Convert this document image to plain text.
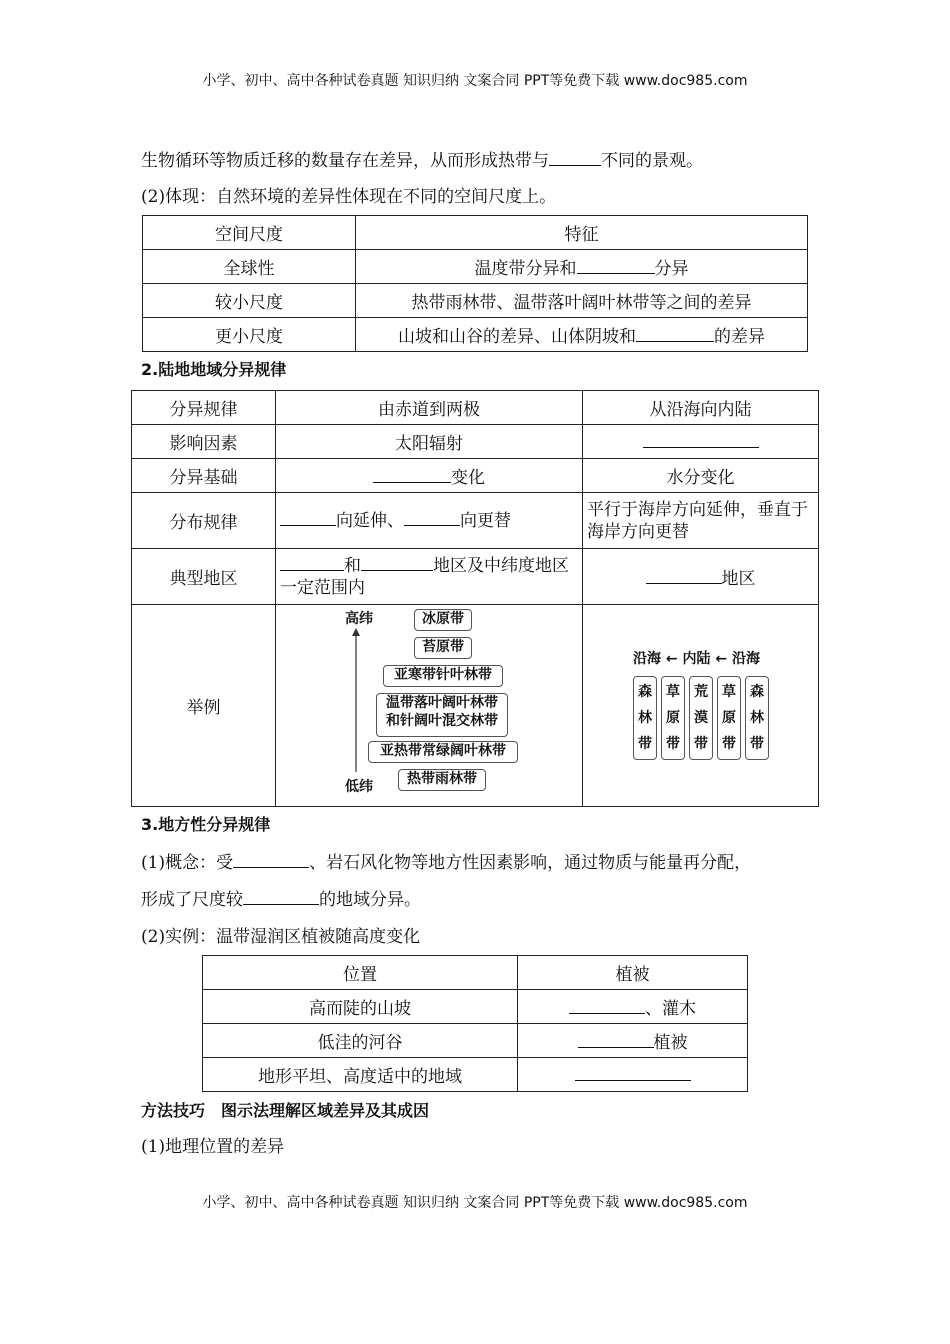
小学、初中、高中各种试卷真题 知识归纳 文案合同 PPT等免费下载 www.doc985.com
生物循环等物质迁移的数量存在差异，从而形成热带与	不同的景观。
(2)体现：自然环境的差异性体现在不同的空间尺度上。
空间尺度	特征
全球性	温度带分异和 分异
较小尺度	热带雨林带、温带落叶阔叶林带等之间的差异
更小尺度	山坡和山谷的差异、山体阴坡和 的差异
2.陆地地域分异规律
分异规律	由赤道到两极	从沿海向内陆
影响因素	太阳辐射	
分异基础	变化	水分变化
分布规律	向延伸、 向更替	平行于海岸方向延伸，垂直于海岸方向更替
典型地区	和 地区及中纬度地区一定范围内	地区
举例		
高纬
低纬
冰原带
苔原带
亚寒带针叶林带
温带落叶阔叶林带
和针阔叶混交林带
亚热带常绿阔叶林带
热带雨林带
沿海 ← 内陆 ← 沿海
森
林
带
草
原
带
荒
漠
带
草
原
带
森
林
带
3.地方性分异规律
(1)概念：受	、岩石风化物等地方性因素影响，通过物质与能量再分配，
形成了尺度较	的地域分异。
(2)实例：温带湿润区植被随高度变化
位置	植被
高而陡的山坡	、灌木
低洼的河谷	植被
地形平坦、高度适中的地域	
方法技巧　图示法理解区域差异及其成因
(1)地理位置的差异
小学、初中、高中各种试卷真题 知识归纳 文案合同 PPT等免费下载 www.doc985.com
